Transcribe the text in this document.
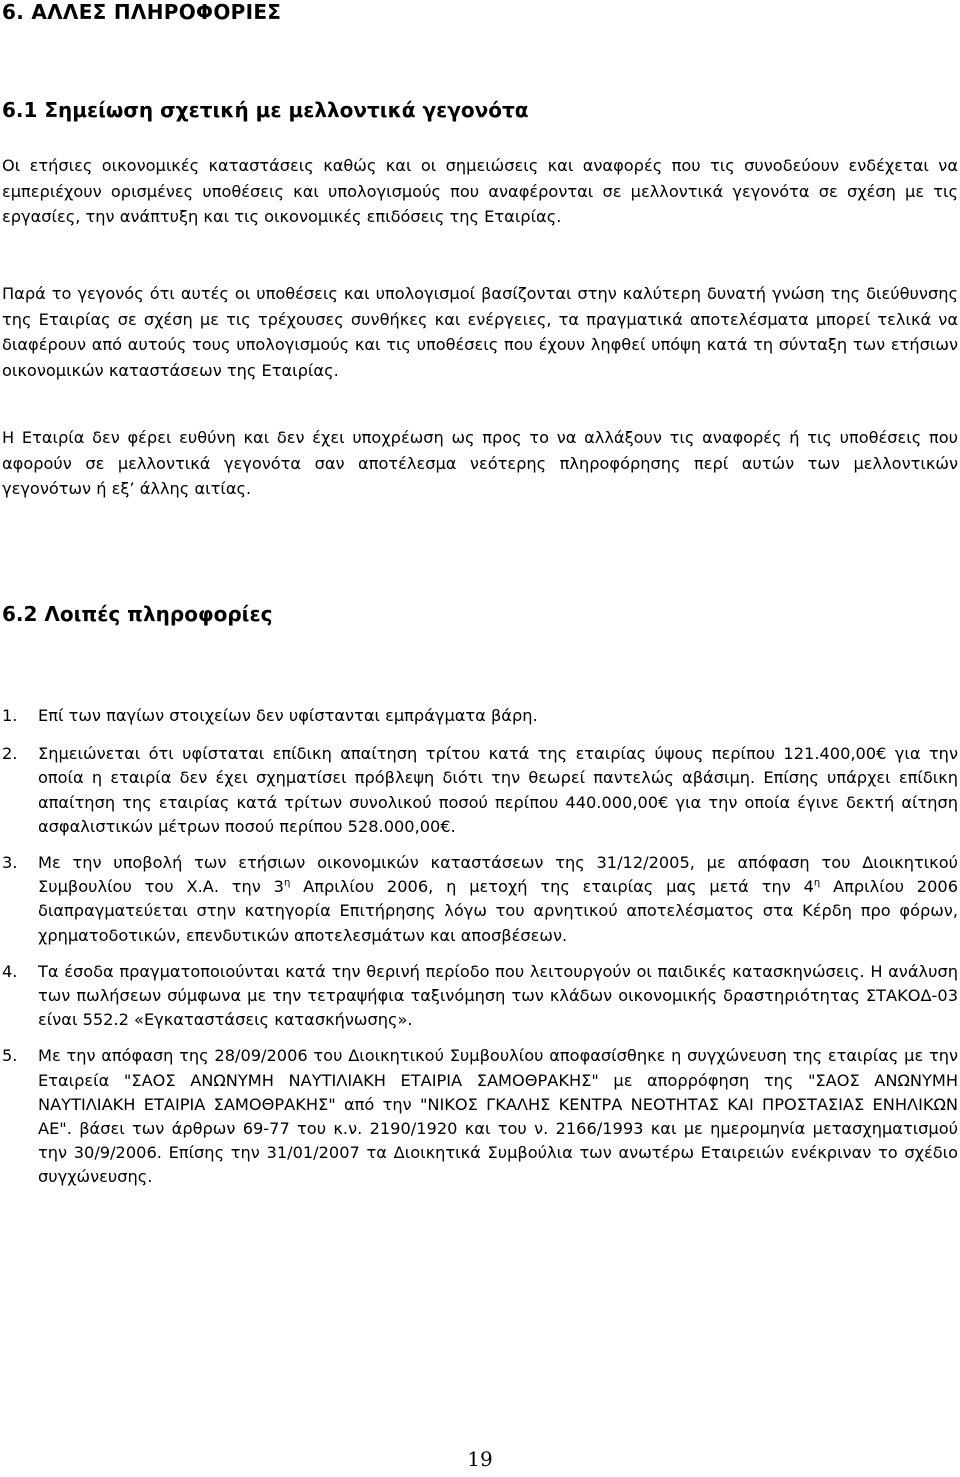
6. ΑΛΛΕΣ ΠΛΗΡΟΦΟΡΙΕΣ
6.1 Σημείωση σχετική με μελλοντικά γεγονότα

Οι ετήσιες οικονομικές καταστάσεις καθώς και οι σημειώσεις και αναφορές που τις συνοδεύουν ενδέχεται να εμπεριέχουν ορισμένες υποθέσεις και υπολογισμούς που αναφέρονται σε μελλοντικά γεγονότα σε σχέση με τις εργασίες, την ανάπτυξη και τις οικονομικές επιδόσεις της Εταιρίας.

Παρά το γεγονός ότι αυτές οι υποθέσεις και υπολογισμοί βασίζονται στην καλύτερη δυνατή γνώση της διεύθυνσης της Εταιρίας σε σχέση με τις τρέχουσες συνθήκες και ενέργειες, τα πραγματικά αποτελέσματα μπορεί τελικά να διαφέρουν από αυτούς τους υπολογισμούς και τις υποθέσεις που έχουν ληφθεί υπόψη κατά τη σύνταξη των ετήσιων οικονομικών καταστάσεων της Εταιρίας.

Η Εταιρία δεν φέρει ευθύνη και δεν έχει υποχρέωση ως προς το να αλλάξουν τις αναφορές ή τις υποθέσεις που αφορούν σε μελλοντικά γεγονότα σαν αποτέλεσμα νεότερης πληροφόρησης περί αυτών των μελλοντικών γεγονότων ή εξ’ άλλης αιτίας.

6.2 Λοιπές πληροφορίες
1. Επί των παγίων στοιχείων δεν υφίστανται εμπράγματα βάρη.
2. Σημειώνεται ότι υφίσταται επίδικη απαίτηση τρίτου κατά της εταιρίας ύψους περίπου 121.400,00€ για την οποία η εταιρία δεν έχει σχηματίσει πρόβλεψη διότι την θεωρεί παντελώς αβάσιμη. Επίσης υπάρχει επίδικη απαίτηση της εταιρίας κατά τρίτων συνολικού ποσού περίπου 440.000,00€ για την οποία έγινε δεκτή αίτηση ασφαλιστικών μέτρων ποσού περίπου 528.000,00€.
3. Με την υποβολή των ετήσιων οικονομικών καταστάσεων της 31/12/2005, με απόφαση του Διοικητικού Συμβουλίου του Χ.Α. την $3^\eta$ Απριλίου 2006, η μετοχή της εταιρίας μας μετά την $4^\eta$ Απριλίου 2006 διαπραγματεύεται στην κατηγορία Επιτήρησης λόγω του αρνητικού αποτελέσματος στα Κέρδη προ φόρων, χρηματοδοτικών, επενδυτικών αποτελεσμάτων και αποσβέσεων.
4. Τα έσοδα πραγματοποιούνται κατά την θερινή περίοδο που λειτουργούν οι παιδικές κατασκηνώσεις. Η ανάλυση των πωλήσεων σύμφωνα με την τετραψήφια ταξινόμηση των κλάδων οικονομικής δραστηριότητας ΣΤΑΚΟΔ-03 είναι 552.2 «Εγκαταστάσεις κατασκήνωσης».
5. Με την απόφαση της 28/09/2006 του Διοικητικού Συμβουλίου αποφασίσθηκε η συγχώνευση της εταιρίας με την Εταιρεία "ΣΑΟΣ ΑΝΩΝΥΜΗ ΝΑΥΤΙΛΙΑΚΗ ΕΤΑΙΡΙΑ ΣΑΜΟΘΡΑΚΗΣ" με απορρόφηση της "ΣΑΟΣ ΑΝΩΝΥΜΗ ΝΑΥΤΙΛΙΑΚΗ ΕΤΑΙΡΙΑ ΣΑΜΟΘΡΑΚΗΣ" από την "ΝΙΚΟΣ ΓΚΑΛΗΣ ΚΕΝΤΡΑ ΝΕΟΤΗΤΑΣ ΚΑΙ ΠΡΟΣΤΑΣΙΑΣ ΕΝΗΛΙΚΩΝ ΑΕ". βάσει των άρθρων 69-77 του κ.ν. 2190/1920 και του ν. 2166/1993 και με ημερομηνία μετασχηματισμού την 30/9/2006. Επίσης την 31/01/2007 τα Διοικητικά Συμβούλια των ανωτέρω Εταιρειών ενέκριναν το σχέδιο συγχώνευσης.
19
